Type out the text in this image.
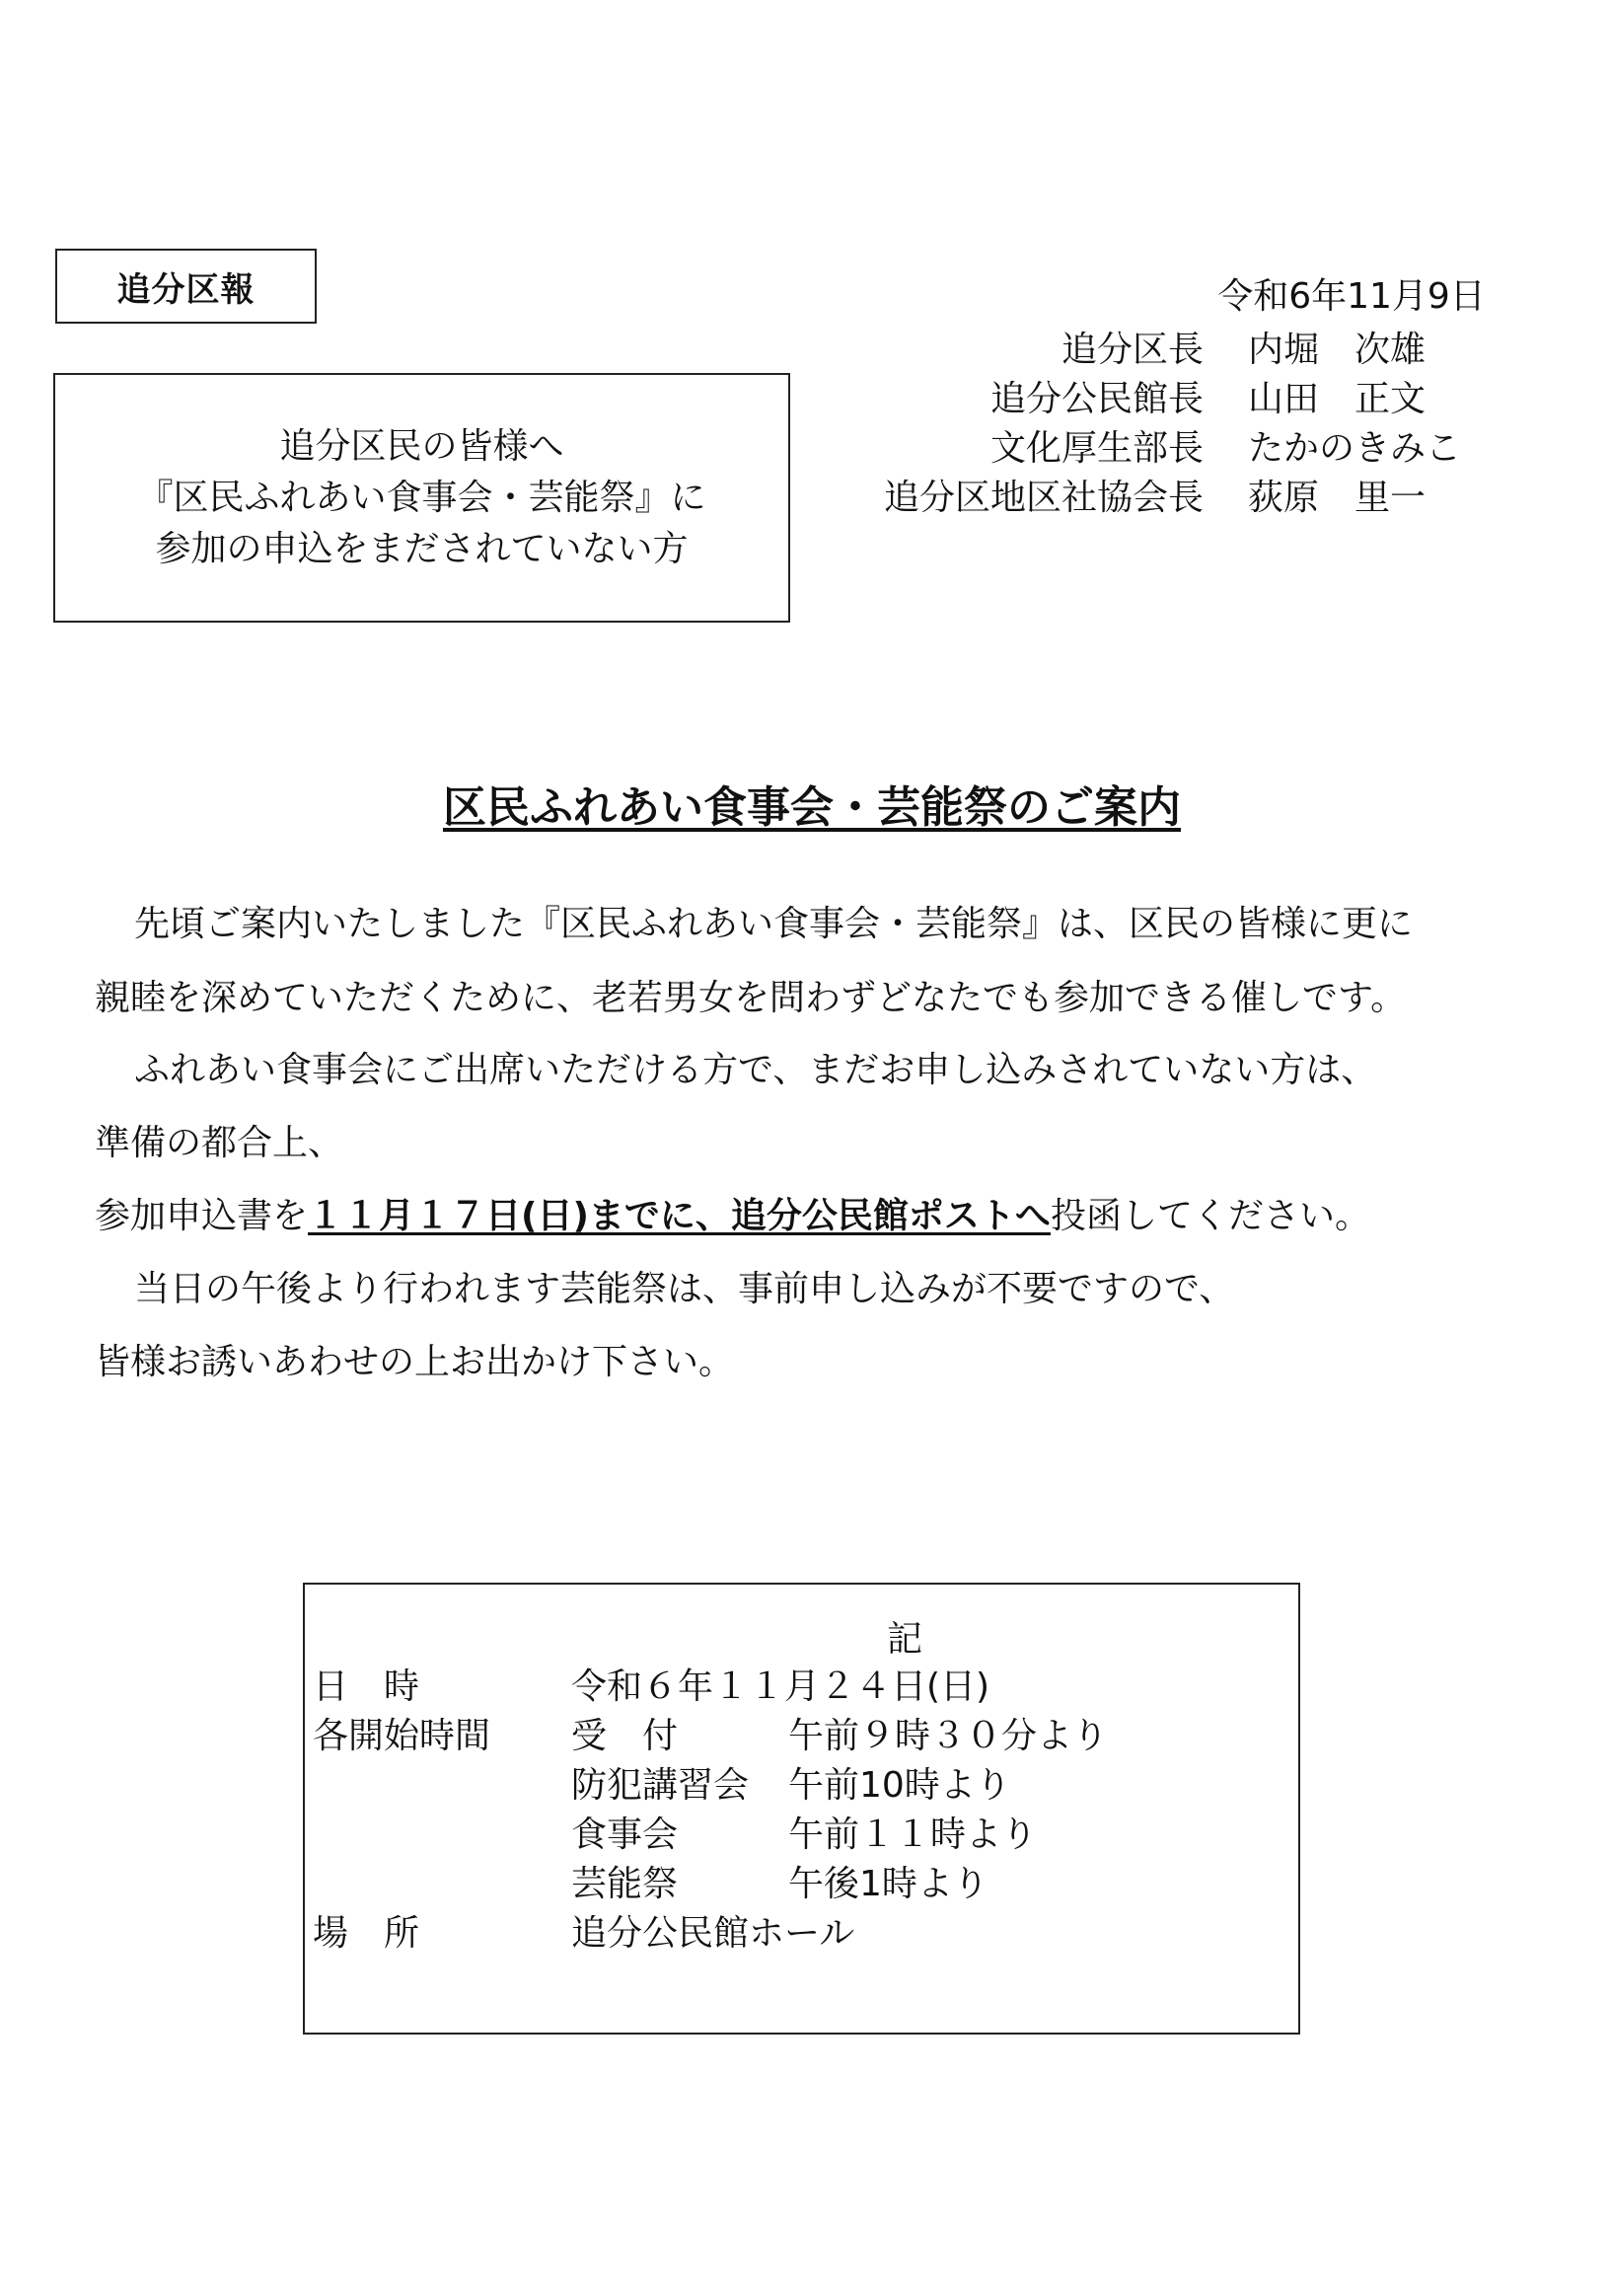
追分区報
追分区民の皆様へ
『区民ふれあい食事会・芸能祭』に
参加の申込をまだされていない方
令和6年11月9日
追分区長 内堀　次雄
追分公民館長 山田　正文
文化厚生部長 たかのきみこ
追分区地区社協会長 荻原　里一
区民ふれあい食事会・芸能祭のご案内
先頃ご案内いたしました『区民ふれあい食事会・芸能祭』は、区民の皆様に更に
親睦を深めていただくために、老若男女を問わずどなたでも参加できる催しです。
ふれあい食事会にご出席いただける方で、まだお申し込みされていない方は、
準備の都合上、
参加申込書を１１月１７日(日)までに、追分公民館ポストへ投函してください。
当日の午後より行われます芸能祭は、事前申し込みが不要ですので、
皆様お誘いあわせの上お出かけ下さい。
記
日　時	令和６年１１月２４日(日)
各開始時間 受　付	午前９時３０分より
防犯講習会 午前10時より
食事会	午前１１時より
芸能祭	午後1時より
場　所	追分公民館ホール
